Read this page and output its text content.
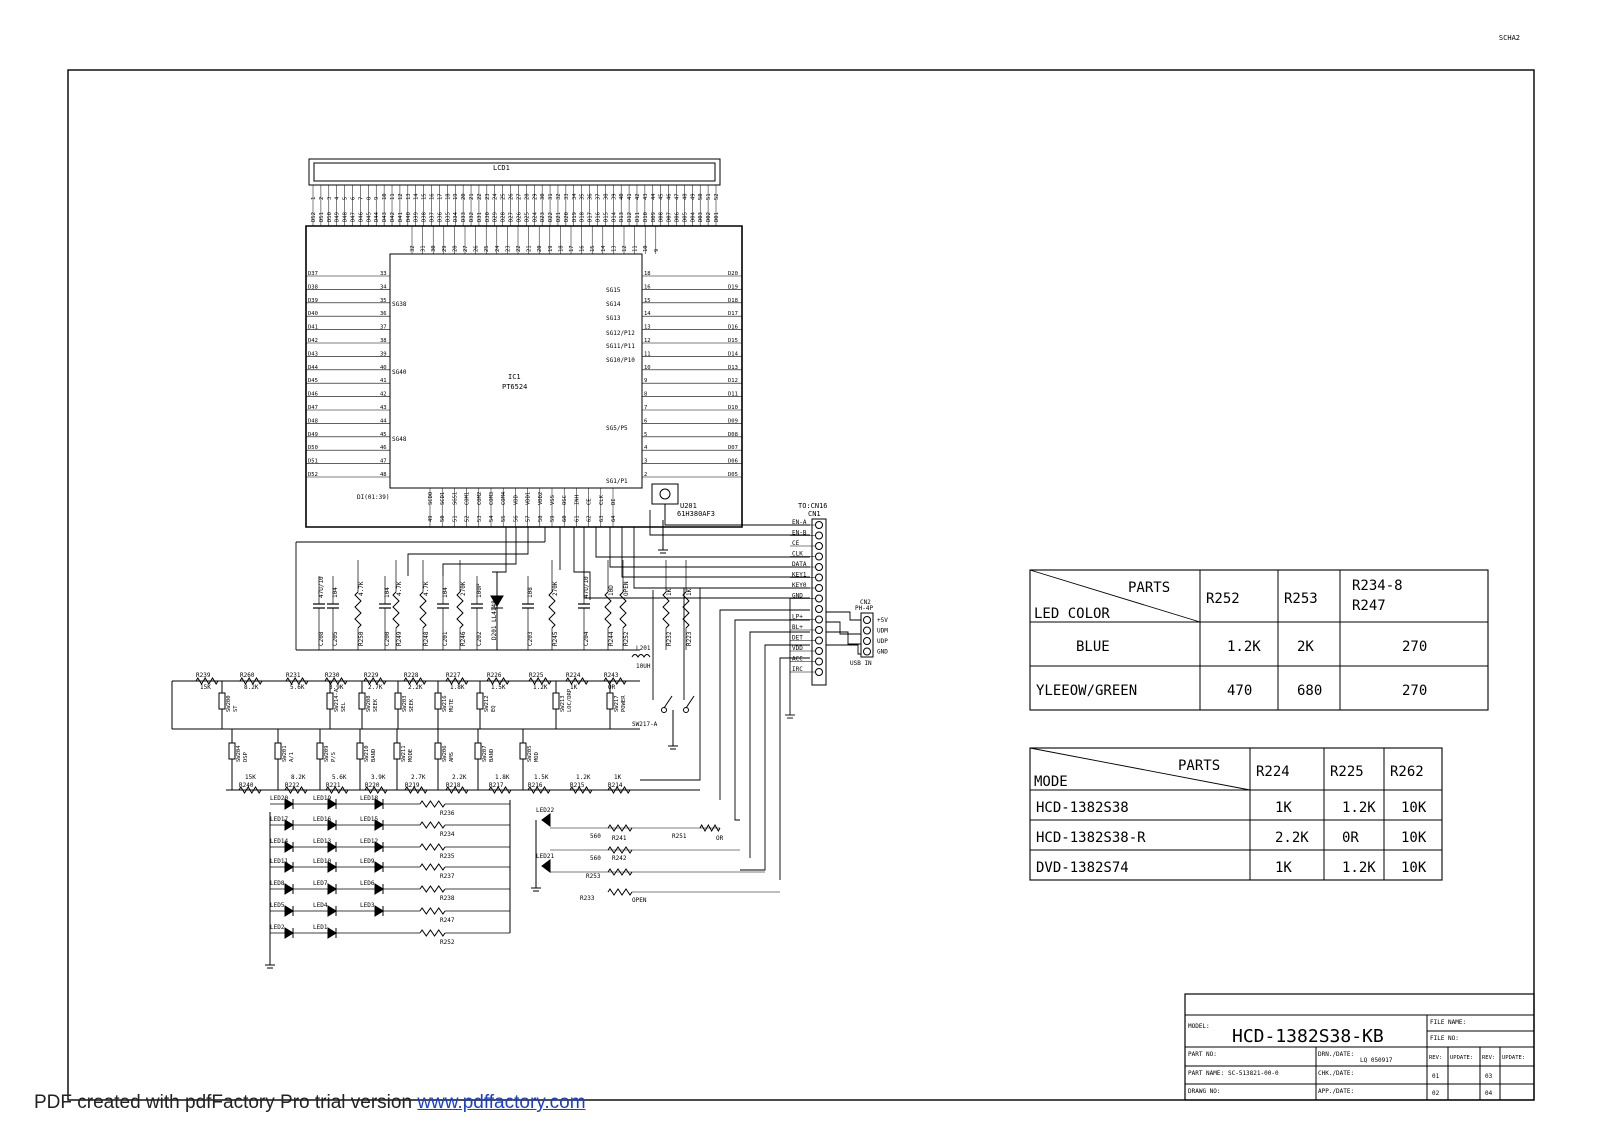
SCHA2
LCD1
1
D52
2
D51
3
D50
4
D49
5
D48
6
D47
7
D46
8
D45
9
D44
10
D43
11
D42
12
D41
13
D40
14
D39
15
D38
16
D37
17
D36
18
D35
19
D34
20
D33
21
D32
22
D31
23
D30
24
D29
25
D28
26
D27
27
D26
28
D25
29
D24
30
D23
31
D22
32
D21
33
D20
34
D19
35
D18
36
D17
37
D16
38
D15
39
D14
40
D13
41
D12
42
D11
43
D10
44
D09
45
D08
46
D07
47
D06
48
D05
49
D04
50
D03
51
D02
52
D01
IC1
PT6524
D37	33
D38	34
D39	35
D40	36
D41	37
D42	38
D43	39
D44	40
D45	41
D46	42
D47	43
D48	44
D49	45
D50	46
D51	47
D52	48
18	D20
16	D19
15	D18
14	D17
13	D16
12	D15
11	D14
10	D13
9	D12
8	D11
7	D10
6	D09
5	D08
4	D07
3	D06
2	D05
SG15
SG14
SG13
SG12/P12
SG11/P11
SG10/P10
SG5/P5
SG1/P1
32 31 30 29 28 27 26 25 24 23 22 21 20 19 18 17 16 15 14 13 12 11 10 9
SCDO
49
SCD1
50
SG51
51
COM1
52
COM2
53
COM3
54
COM4
55
VDD
56
VDD1
57
VDD2
58
VSS
59
OSC
60
INH
61
CE
62
CLK
63
DI
64
SG38
SG40
SG48
DI(01:39)
U201
61H380AF3
TO:CN16
CN1
EN-A
EN-B
CE
CLK
DATA
KEY1
KEY0
GND
LP+
BL+
DET
VDD
ACC
IRC
CN2
PH-4P
+5V
UDM
UDP
GND
USB IN
C208
47U/10
C205
104
C200
104
C201
104
C202
100P
C203
108
C204
47U/10
R250
4.7K
R249
4.7K
R248
4.7K
R246
270K
R245
270K
R244
10D
R252
OPEN
R232
1K
R223
1K
D201 LL4148
L201
10UH
R239
15K
R260
8.2K
R231
5.6K
R230
3.9K
R229
2.7K
R228
2.2K
R227
1.8K
R226
1.5K
R225
1.2K
R224
1K
R243
OR
SW200 ST	SW214-A SEL	SW208 SEEK	SW203 SEEK	SW216 MUTE	SW212 EQ	SW213 LOC/DRP	SW217 POWER
R240
15K
R222
8.2K
R221
5.6K
R220
3.9K
R219
2.7K
R218
2.2K
R217
1.8K
R216
1.5K
R215
1.2K
R214
1K
SW204 DSP	SW201 A/1	SW209 P/S	SW210 BAND	SW211 MODE	SW206 AMS	SW207 BAND	SW205 MOD
SW217-A
LED20	LED19	LED18
R236
LED17	LED16	LED15
R234
LED14	LED13	LED12
R235
LED11	LED10	LED9
R237
LED8	LED7	LED6
R238
LED5	LED4	LED3
R247
LED2	LED1
R252
LED22
560 R241	R251	OR
LED21	560 R242
R253
R233	OPEN
PARTS
LED COLOR
R252	R253
R234-8
R247
BLUE	1.2K	2K	270
YLEEOW/GREEN	470	680	270
PARTS
MODE
R224	R225 R262
HCD-1382S38	1K	1.2K 10K
HCD-1382S38-R	2.2K 0R	10K
DVD-1382S74	1K	1.2K 10K
MODEL: HCD-1382S38-KB
FILE NAME:
FILE NO:
PART NO:	DRN./DATE:
LQ 050917
PART NAME: SC-513821-00-0	CHK./DATE:
DRAWG NO:	APP./DATE:
REV: UPDATE: REV: UPDATE:
01
02
03
04
PDF created with pdfFactory Pro trial version www.pdffactory.com
